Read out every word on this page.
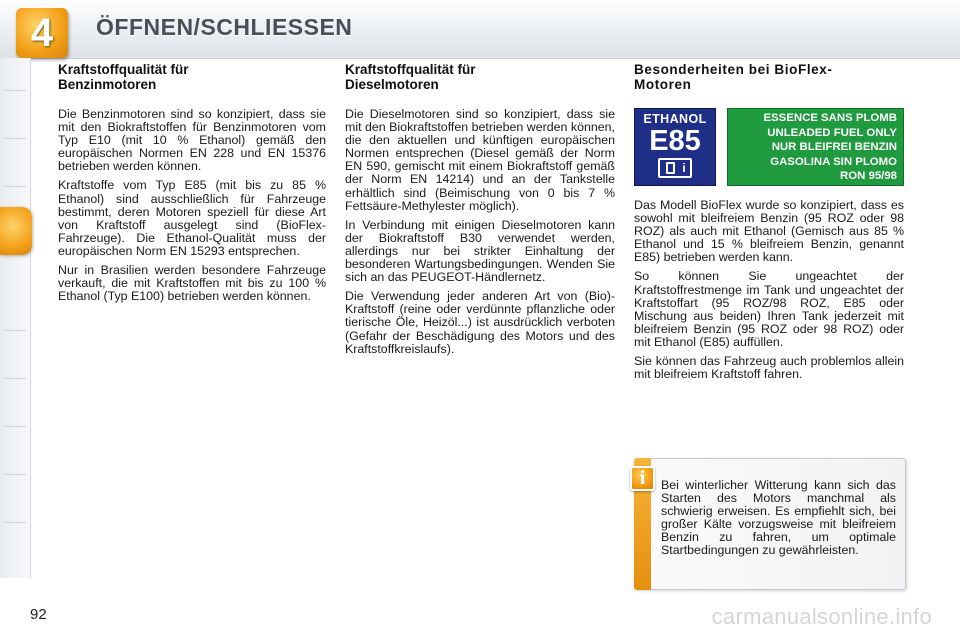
4	ÖFFNEN/SCHLIESSEN
Kraftstoffqualität für
Benzinmotoren

Die Benzinmotoren sind so konzipiert, dass sie mit den Biokraftstoffen für Benzinmotoren vom Typ E10 (mit 10 % Ethanol) gemäß den europäischen Normen EN 228 und EN 15376 betrieben werden können.

Kraftstoffe vom Typ E85 (mit bis zu 85 % Ethanol) sind ausschließlich für Fahrzeuge bestimmt, deren Motoren speziell für diese Art von Kraftstoff ausgelegt sind (BioFlex-Fahrzeuge). Die Ethanol-Qualität muss der europäischen Norm EN 15293 entsprechen.

Nur in Brasilien werden besondere Fahrzeuge verkauft, die mit Kraftstoffen mit bis zu 100 % Ethanol (Typ E100) betrieben werden können.

Kraftstoffqualität für
Dieselmotoren

Die Dieselmotoren sind so konzipiert, dass sie mit den Biokraftstoffen betrieben werden können, die den aktuellen und künftigen europäischen Normen entsprechen (Diesel gemäß der Norm EN 590, gemischt mit einem Biokraftstoff gemäß der Norm EN 14214) und an der Tankstelle erhältlich sind (Beimischung von 0 bis 7 % Fettsäure-Methylester möglich).

In Verbindung mit einigen Dieselmotoren kann der Biokraftstoff B30 verwendet werden, allerdings nur bei strikter Einhaltung der besonderen Wartungsbedingungen. Wenden Sie sich an das PEUGEOT-Händlernetz.

Die Verwendung jeder anderen Art von (Bio)-Kraftstoff (reine oder verdünnte pflanzliche oder tierische Öle, Heizöl...) ist ausdrücklich verboten (Gefahr der Beschädigung des Motors und des Kraftstoffkreislaufs).

Besonderheiten bei BioFlex-
Motoren
ETHANOL
E85
i
ESSENCE SANS PLOMB
UNLEADED FUEL ONLY
NUR BLEIFREI BENZIN
GASOLINA SIN PLOMO
RON 95/98

Das Modell BioFlex wurde so konzipiert, dass es sowohl mit bleifreiem Benzin (95 ROZ oder 98 ROZ) als auch mit Ethanol (Gemisch aus 85 % Ethanol und 15 % bleifreiem Benzin, genannt E85) betrieben werden kann.

So können Sie ungeachtet der Kraftstoffrestmenge im Tank und ungeachtet der Kraftstoffart (95 ROZ/98 ROZ, E85 oder Mischung aus beiden) Ihren Tank jederzeit mit bleifreiem Benzin (95 ROZ oder 98 ROZ) oder mit Ethanol (E85) auffüllen.

Sie können das Fahrzeug auch problemlos allein mit bleifreiem Kraftstoff fahren.

i	Bei winterlicher Witterung kann sich das Starten des Motors manchmal als schwierig erweisen. Es empfiehlt sich, bei großer Kälte vorzugsweise mit bleifreiem Benzin zu fahren, um optimale Startbedingungen zu gewährleisten.
92	carmanualsonline.info
